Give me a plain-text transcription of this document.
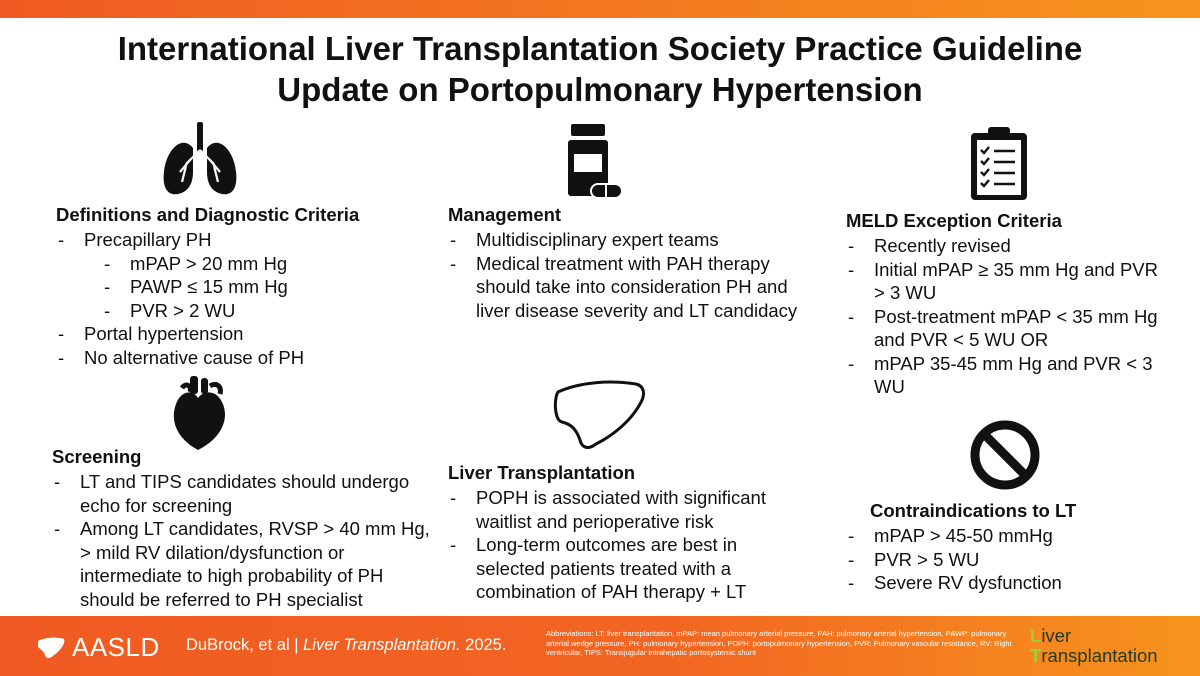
International Liver Transplantation Society Practice Guideline
Update on Portopulmonary Hypertension
Definitions and Diagnostic Criteria
- Precapillary PH
- mPAP > 20 mm Hg
- PAWP ≤ 15 mm Hg
- PVR > 2 WU
- Portal hypertension
- No alternative cause of PH
Screening
- LT and TIPS candidates should undergo echo for screening
- Among LT candidates, RVSP > 40 mm Hg, > mild RV dilation/dysfunction or intermediate to high probability of PH should be referred to PH specialist
Management
- Multidisciplinary expert teams
- Medical treatment with PAH therapy should take into consideration PH and liver disease severity and LT candidacy
Liver Transplantation
- POPH is associated with significant waitlist and perioperative risk
- Long-term outcomes are best in selected patients treated with a combination of PAH therapy + LT
MELD Exception Criteria
- Recently revised
- Initial mPAP ≥ 35 mm Hg and PVR > 3 WU
- Post-treatment mPAP < 35 mm Hg and PVR < 5 WU OR
- mPAP 35-45 mm Hg and PVR < 3 WU
Contraindications to LT
- mPAP > 45-50 mmHg
- PVR > 5 WU
- Severe RV dysfunction
AASLD DuBrock, et al | Liver Transplantation. 2025.
Abbreviations: LT: liver transplantation, mPAP: mean pulmonary arterial pressure, PAH: pulmonary arterial hypertension, PAWP: pulmonary arterial wedge pressure, PH: pulmonary hypertension, POPH: portopulmonary hypertension, PVR: Pulmonary vascular resistance, RV: Right ventricular, TIPS: Transjugular intrahepatic portosystemic shunt
Liver
Transplantation
